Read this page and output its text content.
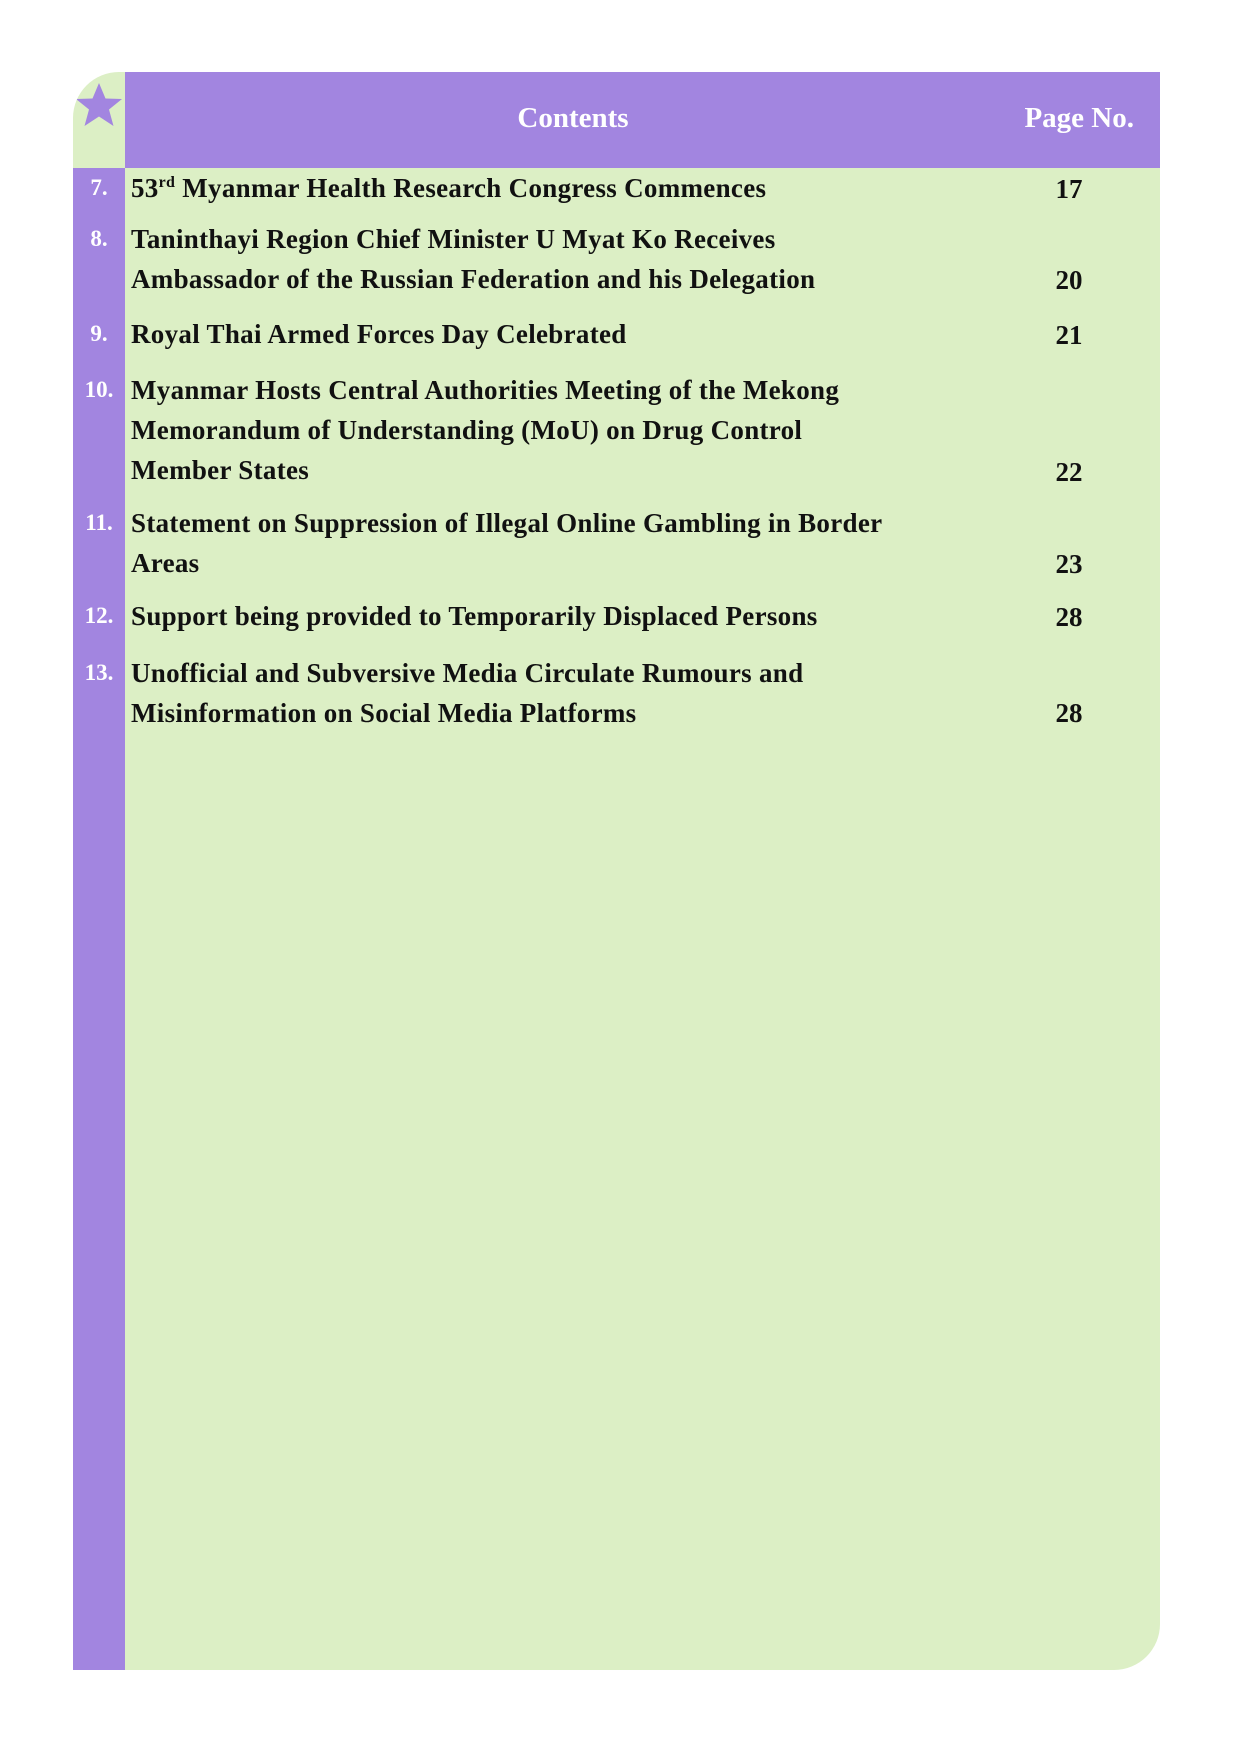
Contents	Page No.
7. 53rd Myanmar Health Research Congress Commences	17
8. Taninthayi Region Chief Minister U Myat Ko Receives
Ambassador of the Russian Federation and his Delegation	20
9. Royal Thai Armed Forces Day Celebrated	21
10. Myanmar Hosts Central Authorities Meeting of the Mekong
Memorandum of Understanding (MoU) on Drug Control
Member States	22
11. Statement on Suppression of Illegal Online Gambling in Border
Areas	23
12. Support being provided to Temporarily Displaced Persons	28
13. Unofficial and Subversive Media Circulate Rumours and
Misinformation on Social Media Platforms	28
